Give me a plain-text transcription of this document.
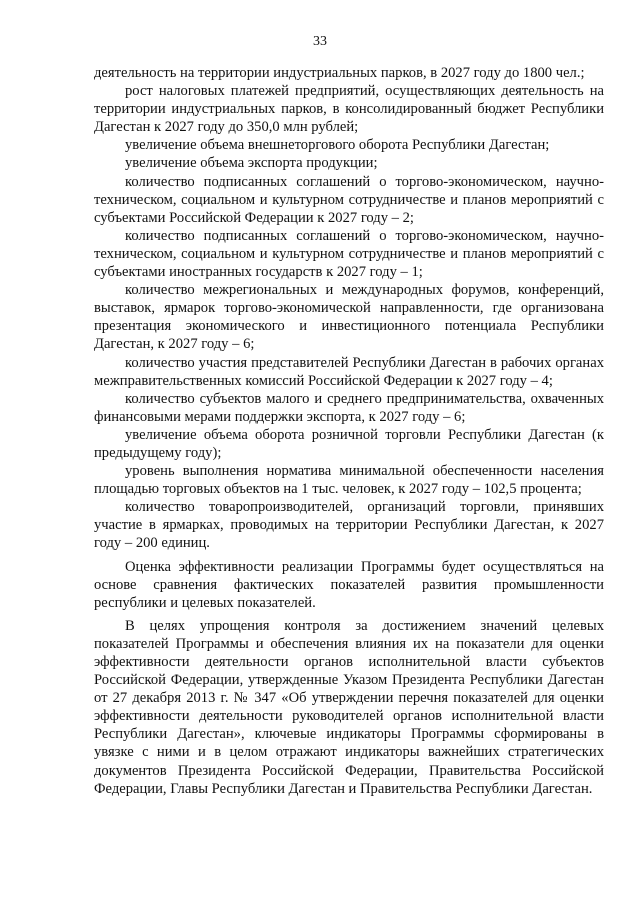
33

деятельность на территории индустриальных парков, в 2027 году до 1800 чел.;

рост налоговых платежей предприятий, осуществляющих деятельность на территории индустриальных парков, в консолидированный бюджет Республики Дагестан к 2027 году до 350,0 млн рублей;

увеличение объема внешнеторгового оборота Республики Дагестан;

увеличение объема экспорта продукции;

количество подписанных соглашений о торгово-экономическом, научно-техническом, социальном и культурном сотрудничестве и планов мероприятий с субъектами Российской Федерации к 2027 году – 2;

количество подписанных соглашений о торгово-экономическом, научно-техническом, социальном и культурном сотрудничестве и планов мероприятий с субъектами иностранных государств к 2027 году – 1;

количество межрегиональных и международных форумов, конференций, выставок, ярмарок торгово-экономической направленности, где организована презентация экономического и инвестиционного потенциала Республики Дагестан, к 2027 году – 6;

количество участия представителей Республики Дагестан в рабочих органах межправительственных комиссий Российской Федерации к 2027 году – 4;

количество субъектов малого и среднего предпринимательства, охваченных финансовыми мерами поддержки экспорта, к 2027 году – 6;

увеличение объема оборота розничной торговли Республики Дагестан (к предыдущему году);

уровень выполнения норматива минимальной обеспеченности населения площадью торговых объектов на 1 тыс. человек, к 2027 году – 102,5 процента;

количество товаропроизводителей, организаций торговли, принявших участие в ярмарках, проводимых на территории Республики Дагестан, к 2027 году – 200 единиц.

Оценка эффективности реализации Программы будет осуществляться на основе сравнения фактических показателей развития промышленности республики и целевых показателей.

В целях упрощения контроля за достижением значений целевых показателей Программы и обеспечения влияния их на показатели для оценки эффективности деятельности органов исполнительной власти субъектов Российской Федерации, утвержденные Указом Президента Республики Дагестан от 27 декабря 2013 г. № 347 «Об утверждении перечня показателей для оценки эффективности деятельности руководителей органов исполнительной власти Республики Дагестан», ключевые индикаторы Программы сформированы в увязке с ними и в целом отражают индикаторы важнейших стратегических документов Президента Российской Федерации, Правительства Российской Федерации, Главы Республики Дагестан и Правительства Республики Дагестан.
